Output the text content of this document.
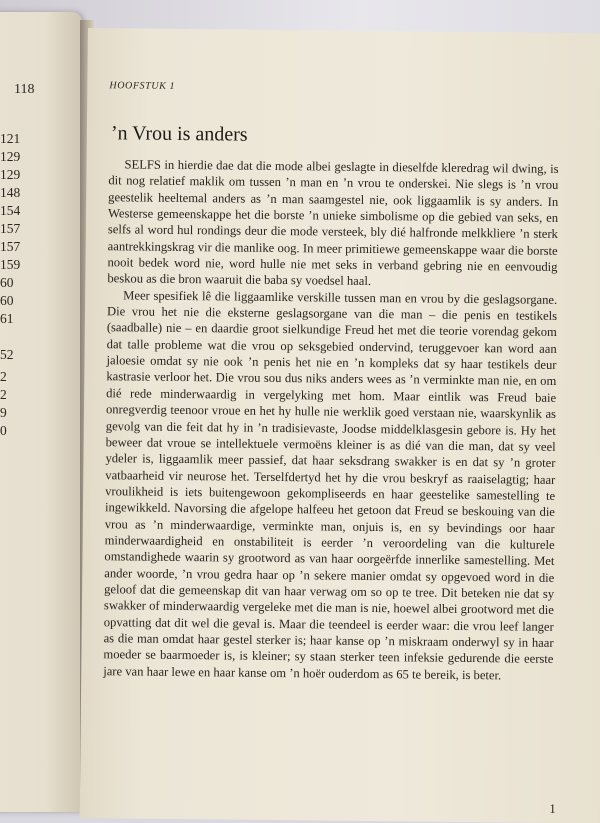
118
121
129
129
148
154
157
157
159
60
60
61
52
2
2
9
0
HOOFSTUK 1
’n Vrou is anders

SELFS in hierdie dae dat die mode albei geslagte in dieselfde kleredrag wil dwing, is dit nog relatief maklik om tussen ’n man en ’n vrou te onderskei. Nie slegs is ’n vrou geestelik heeltemal anders as ’n man saamgestel nie, ook liggaamlik is sy anders. In Westerse gemeenskappe het die borste ’n unieke simbolisme op die gebied van seks, en selfs al word hul rondings deur die mode versteek, bly dié halfronde melkkliere ’n sterk aantrekkingskrag vir die manlike oog. In meer primitiewe gemeenskappe waar die borste nooit bedek word nie, word hulle nie met seks in verband gebring nie en eenvoudig beskou as die bron waaruit die baba sy voedsel haal.

Meer spesifiek lê die liggaamlike verskille tussen man en vrou by die geslagsorgane. Die vrou het nie die eksterne geslagsorgane van die man – die penis en testikels (saadballe) nie – en daardie groot sielkundige Freud het met die teorie vorendag gekom dat talle probleme wat die vrou op seksgebied ondervind, teruggevoer kan word aan jaloesie omdat sy nie ook ’n penis het nie en ’n kompleks dat sy haar testikels deur kastrasie verloor het. Die vrou sou dus niks anders wees as ’n verminkte man nie, en om dié rede minderwaardig in vergelyking met hom. Maar eintlik was Freud baie onregverdig teenoor vroue en het hy hulle nie werklik goed verstaan nie, waarskynlik as gevolg van die feit dat hy in ’n tradisievaste, Joodse middelklasgesin gebore is. Hy het beweer dat vroue se intellektuele vermoëns kleiner is as dié van die man, dat sy veel ydeler is, liggaamlik meer passief, dat haar seksdrang swakker is en dat sy ’n groter vatbaarheid vir neurose het. Terselfdertyd het hy die vrou beskryf as raaiselagtig; haar vroulikheid is iets buitengewoon gekompliseerds en haar geestelike samestelling te ingewikkeld. Navorsing die afgelope halfeeu het getoon dat Freud se beskouing van die vrou as ’n minderwaardige, verminkte man, onjuis is, en sy bevindings oor haar minderwaardigheid en onstabiliteit is eerder ’n veroordeling van die kulturele omstandighede waarin sy grootword as van haar oorgeërfde innerlike samestelling. Met ander woorde, ’n vrou gedra haar op ’n sekere manier omdat sy opgevoed word in die geloof dat die gemeenskap dit van haar verwag om so op te tree. Dit beteken nie dat sy swakker of minderwaardig vergeleke met die man is nie, hoewel albei grootword met die opvatting dat dit wel die geval is. Maar die teendeel is eerder waar: die vrou leef langer as die man omdat haar gestel sterker is; haar kanse op ’n miskraam onderwyl sy in haar moeder se baarmoeder is, is kleiner; sy staan sterker teen infeksie gedurende die eerste jare van haar lewe en haar kanse om ’n hoër ouderdom as 65 te bereik, is beter.

1
